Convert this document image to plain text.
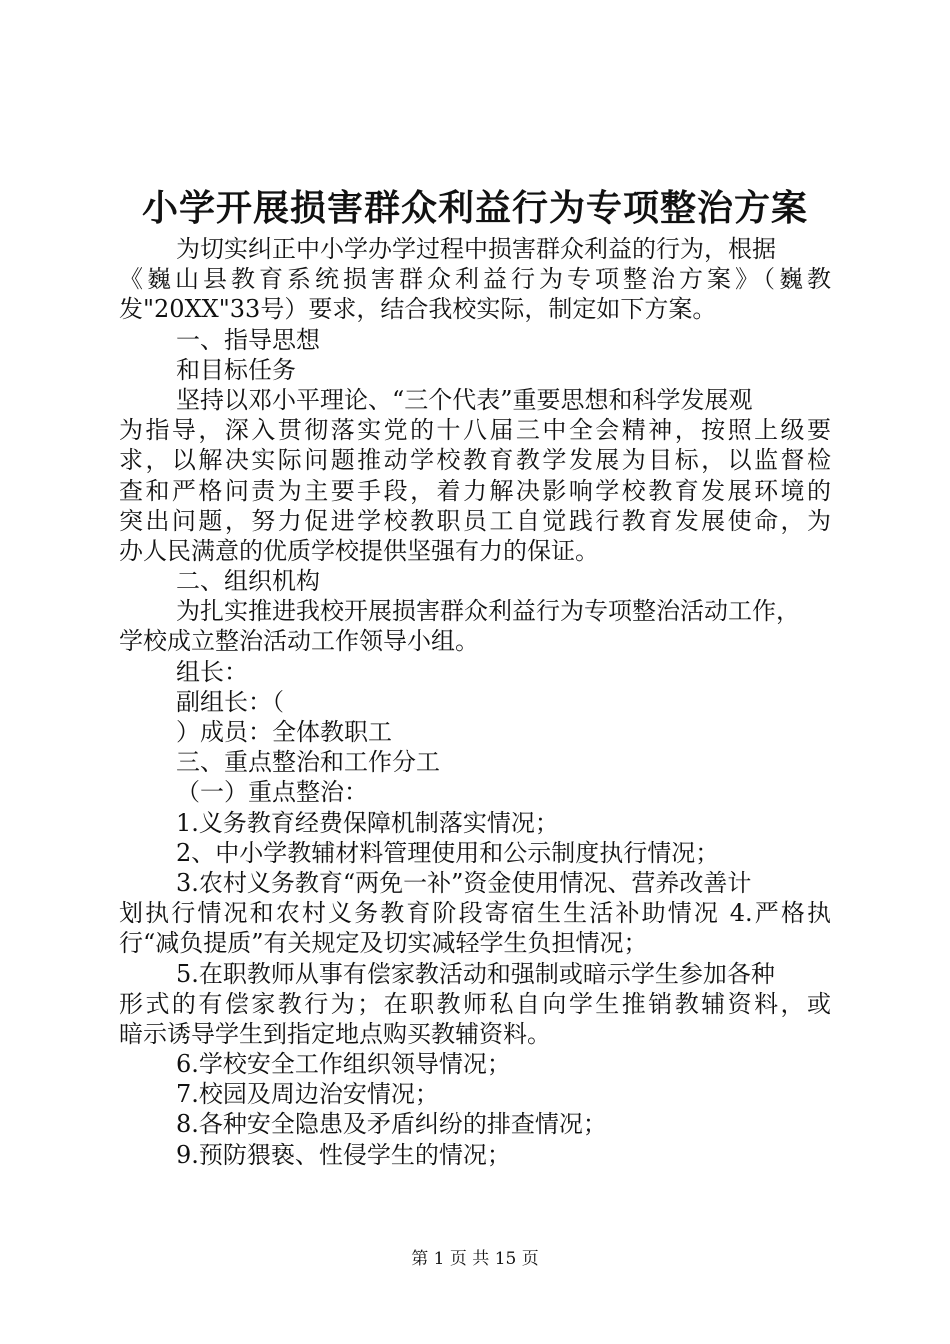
小学开展损害群众利益行为专项整治方案
为切实纠正中小学办学过程中损害群众利益的行为，根据
《巍山县教育系统损害群众利益行为专项整治方案》（巍教
发"20XX"33号）要求，结合我校实际，制定如下方案。
一、指导思想
和目标任务
坚持以邓小平理论、“三个代表”重要思想和科学发展观
为指导，深入贯彻落实党的十八届三中全会精神，按照上级要
求，以解决实际问题推动学校教育教学发展为目标，以监督检
查和严格问责为主要手段，着力解决影响学校教育发展环境的
突出问题，努力促进学校教职员工自觉践行教育发展使命，为
办人民满意的优质学校提供坚强有力的保证。
二、组织机构
为扎实推进我校开展损害群众利益行为专项整治活动工作，
学校成立整治活动工作领导小组。
组长：
副组长：（
）成员：全体教职工
三、重点整治和工作分工
（一）重点整治：
1.义务教育经费保障机制落实情况；
2、中小学教辅材料管理使用和公示制度执行情况；
3.农村义务教育“两免一补”资金使用情况、营养改善计
划执行情况和农村义务教育阶段寄宿生生活补助情况 4.严格执
行“减负提质”有关规定及切实减轻学生负担情况；
5.在职教师从事有偿家教活动和强制或暗示学生参加各种
形式的有偿家教行为；在职教师私自向学生推销教辅资料，或
暗示诱导学生到指定地点购买教辅资料。
6.学校安全工作组织领导情况；
7.校园及周边治安情况；
8.各种安全隐患及矛盾纠纷的排查情况；
9.预防猥亵、性侵学生的情况；
第 1 页 共 15 页
